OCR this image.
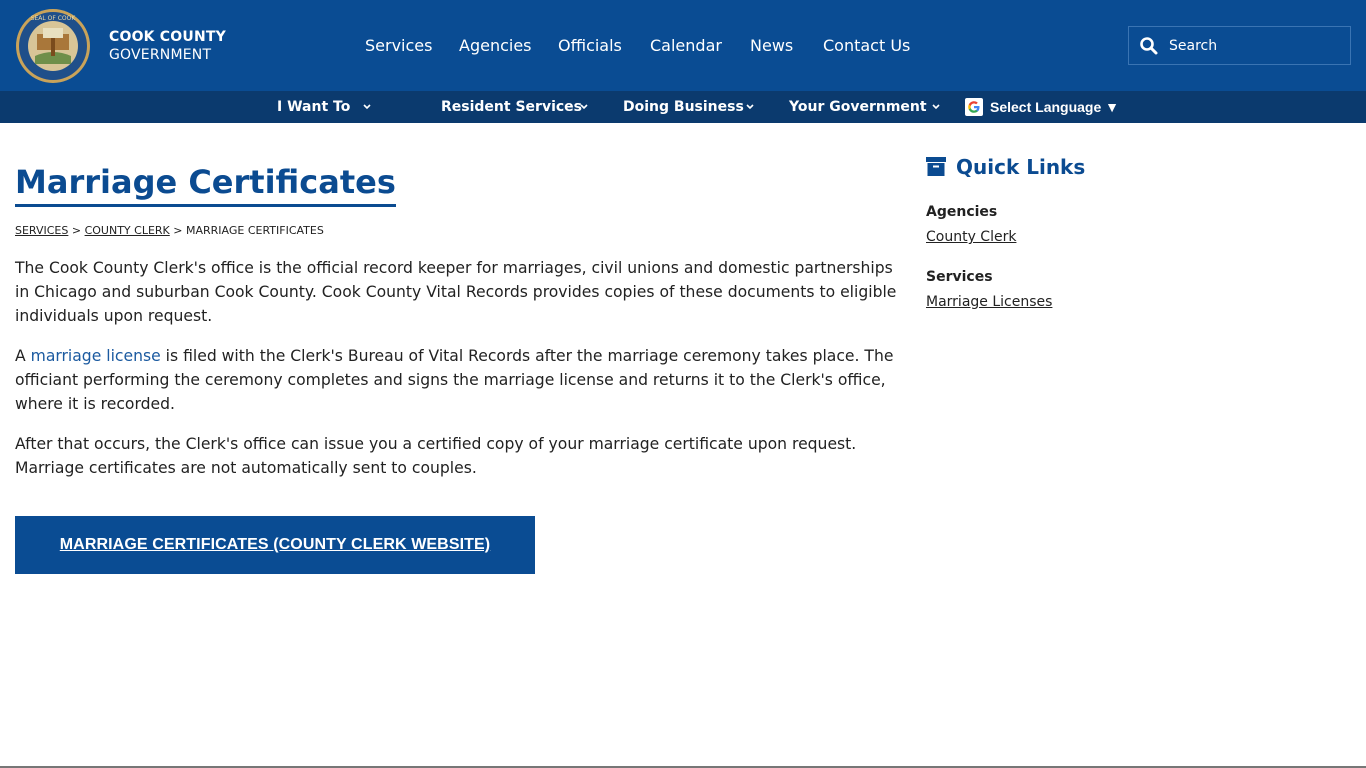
SEAL OF COOK
COOK COUNTY
GOVERNMENT	Services Agencies Officials Calendar News Contact Us
Search
I Want To	Resident Services	Doing Business	Your Government	Select Language ▼
Marriage Certificates
SERVICES > COUNTY CLERK > MARRIAGE CERTIFICATES

The Cook County Clerk's office is the official record keeper for marriages, civil unions and domestic partnerships in Chicago and suburban Cook County. Cook County Vital Records provides copies of these documents to eligible individuals upon request.

A marriage license is filed with the Clerk's Bureau of Vital Records after the marriage ceremony takes place. The officiant performing the ceremony completes and signs the marriage license and returns it to the Clerk's office, where it is recorded.

After that occurs, the Clerk's office can issue you a certified copy of your marriage certificate upon request. Marriage certificates are not automatically sent to couples.

MARRIAGE CERTIFICATES (COUNTY CLERK WEBSITE)
Quick Links
Agencies
County Clerk
Services
Marriage Licenses
